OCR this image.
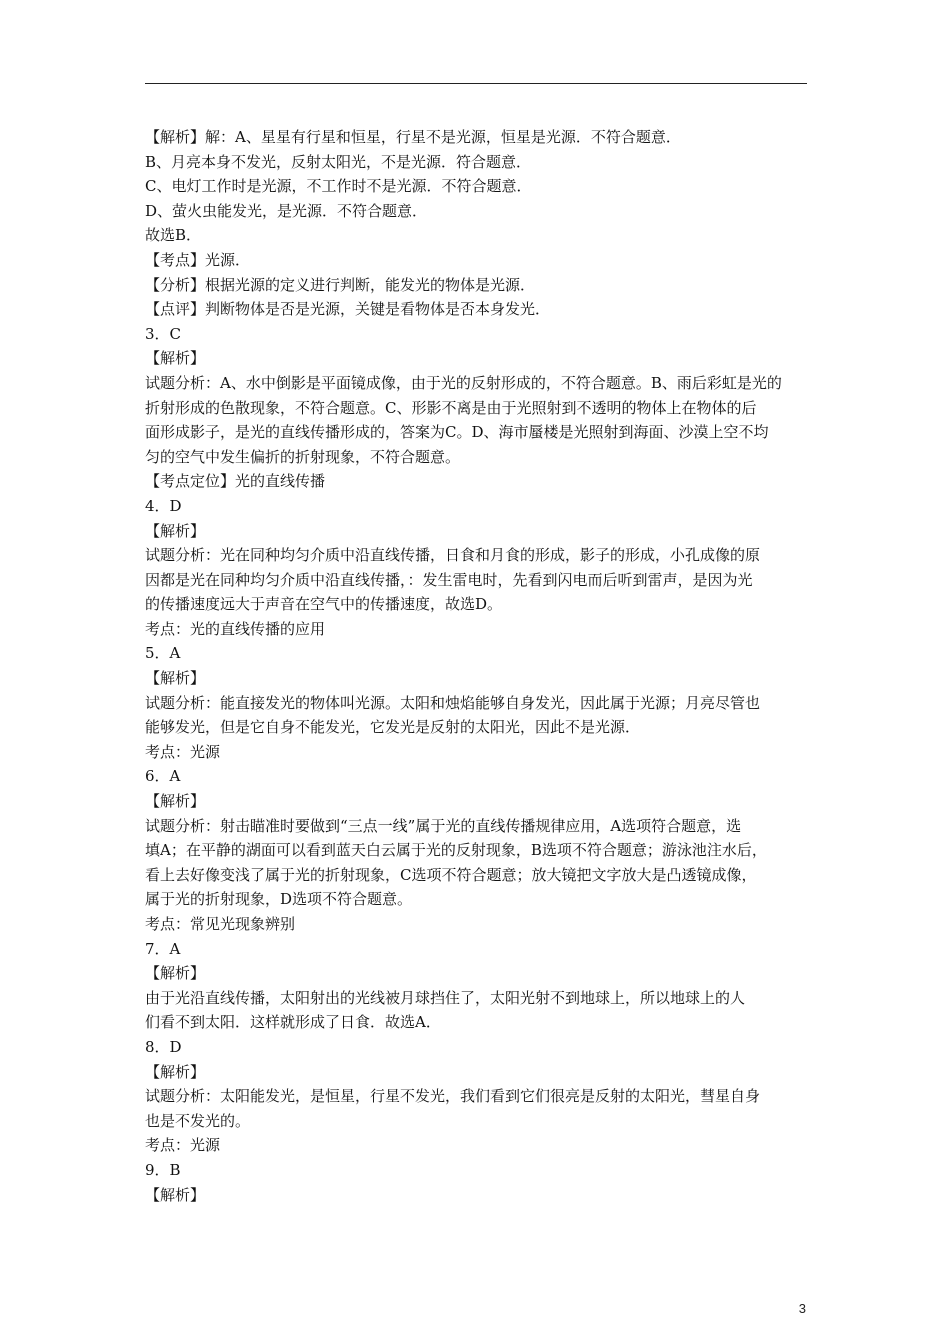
【解析】解：A、星星有行星和恒星，行星不是光源，恒星是光源．不符合题意．

B、月亮本身不发光，反射太阳光，不是光源．符合题意．

C、电灯工作时是光源，不工作时不是光源．不符合题意．

D、萤火虫能发光，是光源．不符合题意．

故选B．

【考点】光源．

【分析】根据光源的定义进行判断，能发光的物体是光源．

【点评】判断物体是否是光源，关键是看物体是否本身发光．

3．C

【解析】

试题分析：A、水中倒影是平面镜成像，由于光的反射形成的，不符合题意。B、雨后彩虹是光的

折射形成的色散现象，不符合题意。C、形影不离是由于光照射到不透明的物体上在物体的后

面形成影子，是光的直线传播形成的，答案为C。D、海市蜃楼是光照射到海面、沙漠上空不均

匀的空气中发生偏折的折射现象，不符合题意。

【考点定位】光的直线传播

4．D

【解析】

试题分析：光在同种均匀介质中沿直线传播，日食和月食的形成，影子的形成，小孔成像的原

因都是光在同种均匀介质中沿直线传播，：发生雷电时，先看到闪电而后听到雷声，是因为光

的传播速度远大于声音在空气中的传播速度，故选D。

考点：光的直线传播的应用

5．A

【解析】

试题分析：能直接发光的物体叫光源。太阳和烛焰能够自身发光，因此属于光源；月亮尽管也

能够发光，但是它自身不能发光，它发光是反射的太阳光，因此不是光源．

考点：光源

6．A

【解析】

试题分析：射击瞄准时要做到“三点一线”属于光的直线传播规律应用，A选项符合题意，选

填A；在平静的湖面可以看到蓝天白云属于光的反射现象，B选项不符合题意；游泳池注水后，

看上去好像变浅了属于光的折射现象，C选项不符合题意；放大镜把文字放大是凸透镜成像，

属于光的折射现象，D选项不符合题意。

考点：常见光现象辨别

7．A

【解析】

由于光沿直线传播，太阳射出的光线被月球挡住了，太阳光射不到地球上，所以地球上的人

们看不到太阳．这样就形成了日食．故选A．

8．D

【解析】

试题分析：太阳能发光，是恒星，行星不发光，我们看到它们很亮是反射的太阳光，彗星自身

也是不发光的。

考点：光源

9．B

【解析】

3
